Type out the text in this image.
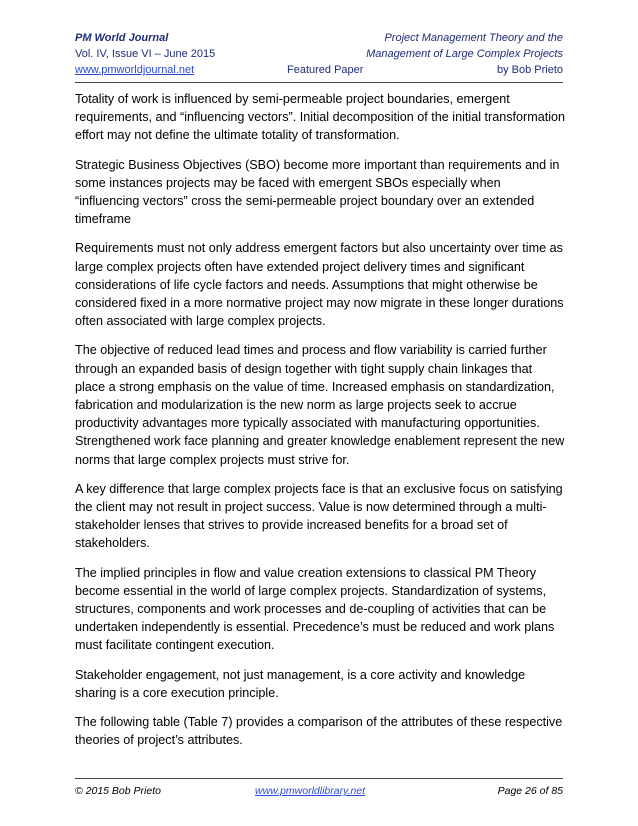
PM World Journal	Project Management Theory and the
Vol. IV, Issue VI – June 2015	Management of Large Complex Projects
www.pmworldjournal.net	Featured Paper	by Bob Prieto

Totality of work is influenced by semi-permeable project boundaries, emergent requirements, and “influencing vectors”. Initial decomposition of the initial transformation effort may not define the ultimate totality of transformation.

Strategic Business Objectives (SBO) become more important than requirements and in some instances projects may be faced with emergent SBOs especially when “influencing vectors” cross the semi-permeable project boundary over an extended timeframe

Requirements must not only address emergent factors but also uncertainty over time as large complex projects often have extended project delivery times and significant considerations of life cycle factors and needs. Assumptions that might otherwise be considered fixed in a more normative project may now migrate in these longer durations often associated with large complex projects.

The objective of reduced lead times and process and flow variability is carried further through an expanded basis of design together with tight supply chain linkages that place a strong emphasis on the value of time. Increased emphasis on standardization, fabrication and modularization is the new norm as large projects seek to accrue productivity advantages more typically associated with manufacturing opportunities. Strengthened work face planning and greater knowledge enablement represent the new norms that large complex projects must strive for.

A key difference that large complex projects face is that an exclusive focus on satisfying the client may not result in project success. Value is now determined through a multi-stakeholder lenses that strives to provide increased benefits for a broad set of stakeholders.

The implied principles in flow and value creation extensions to classical PM Theory become essential in the world of large complex projects. Standardization of systems, structures, components and work processes and de-coupling of activities that can be undertaken independently is essential. Precedence’s must be reduced and work plans must facilitate contingent execution.

Stakeholder engagement, not just management, is a core activity and knowledge sharing is a core execution principle.

The following table (Table 7) provides a comparison of the attributes of these respective theories of project’s attributes.

© 2015 Bob Prieto	www.pmworldlibrary.net	Page 26 of 85
